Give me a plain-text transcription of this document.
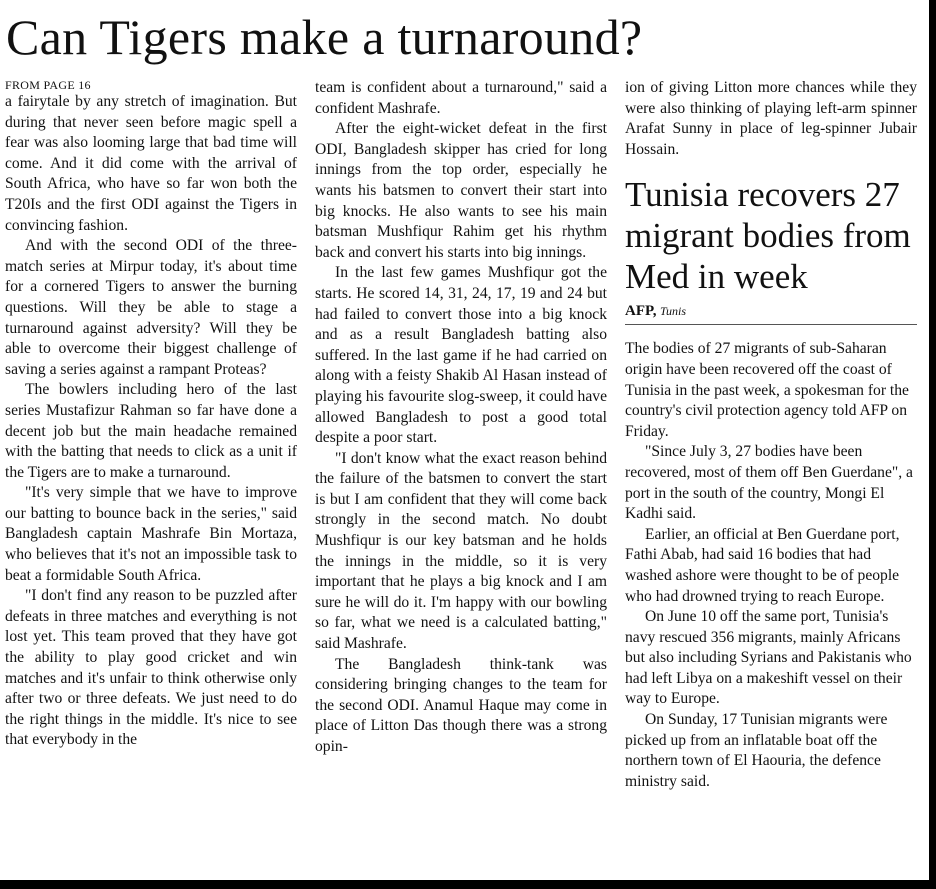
Can Tigers make a turnaround?
FROM PAGE 16

a fairytale by any stretch of imagination. But during that never seen before magic spell a fear was also looming large that bad time will come. And it did come with the arrival of South Africa, who have so far won both the T20Is and the first ODI against the Tigers in convincing fashion.

And with the second ODI of the three-match series at Mirpur today, it's about time for a cornered Tigers to answer the burning questions. Will they be able to stage a turnaround against adversity? Will they be able to overcome their biggest challenge of saving a series against a rampant Proteas?

The bowlers including hero of the last series Mustafizur Rahman so far have done a decent job but the main headache remained with the batting that needs to click as a unit if the Tigers are to make a turnaround.

"It's very simple that we have to improve our batting to bounce back in the series," said Bangladesh captain Mashrafe Bin Mortaza, who believes that it's not an impossible task to beat a formidable South Africa.

"I don't find any reason to be puzzled after defeats in three matches and everything is not lost yet. This team proved that they have got the ability to play good cricket and win matches and it's unfair to think otherwise only after two or three defeats. We just need to do the right things in the middle. It's nice to see that everybody in the

team is confident about a turnaround," said a confident Mashrafe.

After the eight-wicket defeat in the first ODI, Bangladesh skipper has cried for long innings from the top order, especially he wants his batsmen to convert their start into big knocks. He also wants to see his main batsman Mushfiqur Rahim get his rhythm back and convert his starts into big innings.

In the last few games Mushfiqur got the starts. He scored 14, 31, 24, 17, 19 and 24 but had failed to convert those into a big knock and as a result Bangladesh batting also suffered. In the last game if he had carried on along with a feisty Shakib Al Hasan instead of playing his favourite slog-sweep, it could have allowed Bangladesh to post a good total despite a poor start.

"I don't know what the exact reason behind the failure of the batsmen to convert the start is but I am confident that they will come back strongly in the second match. No doubt Mushfiqur is our key batsman and he holds the innings in the middle, so it is very important that he plays a big knock and I am sure he will do it. I'm happy with our bowling so far, what we need is a calculated batting," said Mashrafe.

The Bangladesh think-tank was considering bringing changes to the team for the second ODI. Anamul Haque may come in place of Litton Das though there was a strong opin-

ion of giving Litton more chances while they were also thinking of playing left-arm spinner Arafat Sunny in place of leg-spinner Jubair Hossain.

Tunisia recovers 27 migrant bodies from Med in week
AFP, Tunis

The bodies of 27 migrants of sub-Saharan origin have been recovered off the coast of Tunisia in the past week, a spokesman for the country's civil protection agency told AFP on Friday.

"Since July 3, 27 bodies have been recovered, most of them off Ben Guerdane", a port in the south of the country, Mongi El Kadhi said.

Earlier, an official at Ben Guerdane port, Fathi Abab, had said 16 bodies that had washed ashore were thought to be of people who had drowned trying to reach Europe.

On June 10 off the same port, Tunisia's navy rescued 356 migrants, mainly Africans but also including Syrians and Pakistanis who had left Libya on a makeshift vessel on their way to Europe.

On Sunday, 17 Tunisian migrants were picked up from an inflatable boat off the northern town of El Haouria, the defence ministry said.
